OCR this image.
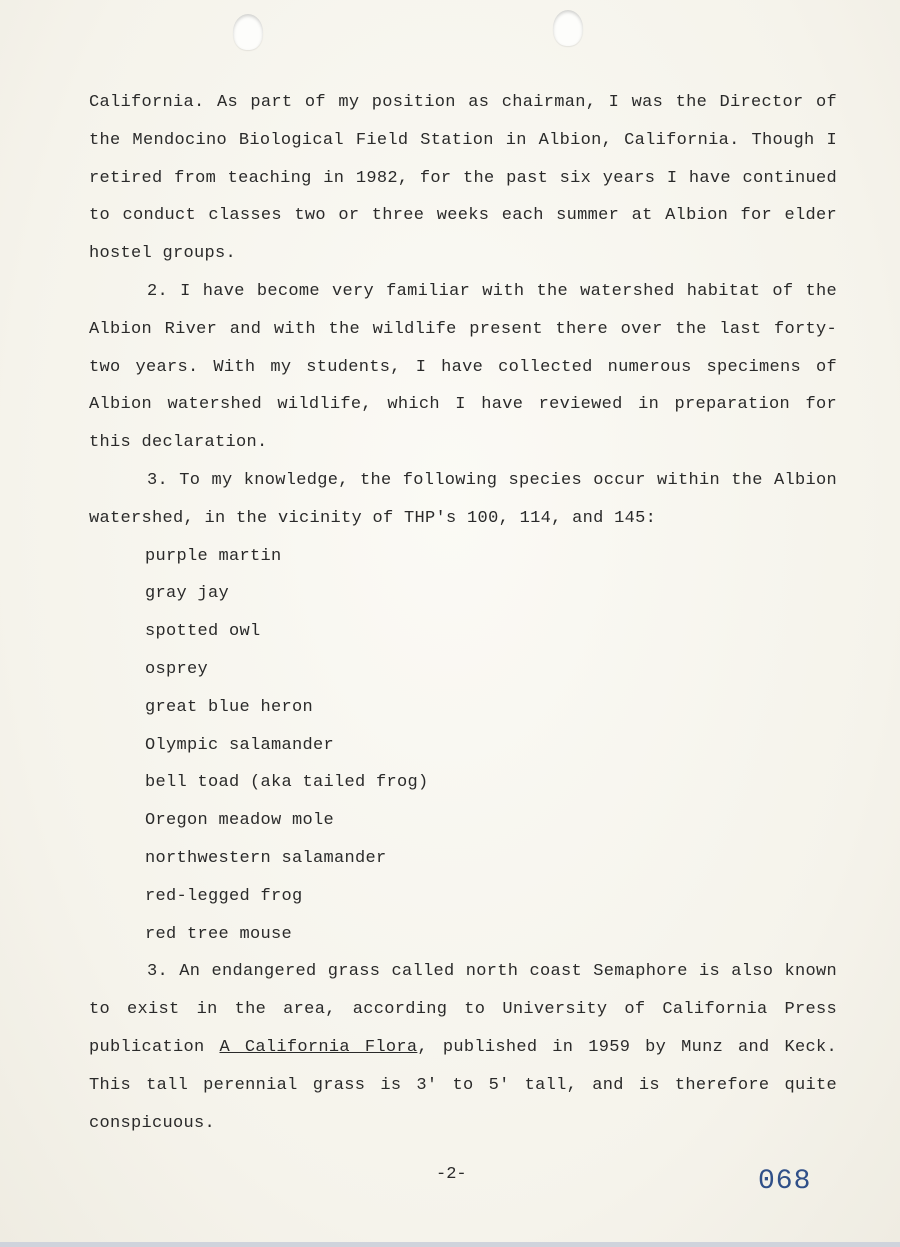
California. As part of my position as chairman, I was the Director of the Mendocino Biological Field Station in Albion, California. Though I retired from teaching in 1982, for the past six years I have continued to conduct classes two or three weeks each summer at Albion for elder hostel groups.

2. I have become very familiar with the watershed habitat of the Albion River and with the wildlife present there over the last forty-two years. With my students, I have collected numerous specimens of Albion watershed wildlife, which I have reviewed in preparation for this declaration.

3. To my knowledge, the following species occur within the Albion watershed, in the vicinity of THP's 100, 114, and 145:

purple martin
gray jay
spotted owl
osprey
great blue heron
Olympic salamander
bell toad (aka tailed frog)
Oregon meadow mole
northwestern salamander
red-legged frog
red tree mouse

3. An endangered grass called north coast Semaphore is also known to exist in the area, according to University of California Press publication A California Flora, published in 1959 by Munz and Keck. This tall perennial grass is 3' to 5' tall, and is therefore quite conspicuous.

-2-	068
